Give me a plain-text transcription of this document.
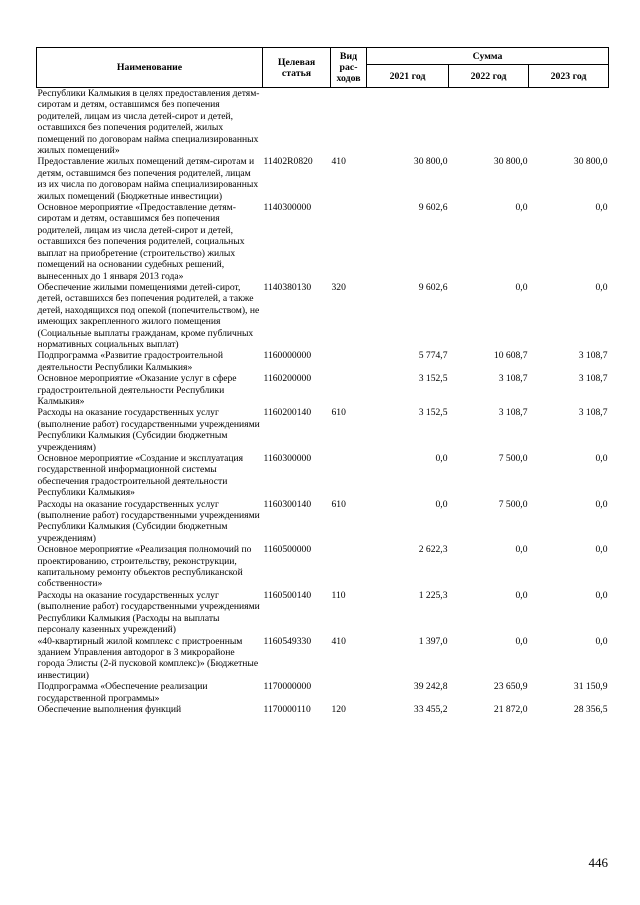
Наименование	Целевая статья	Вид рас-ходов	Сумма		
			2021 год	2022 год	2023 год
Республики Калмыкия в целях предоставления детям-сиротам и детям, оставшимся без попечения родителей, лицам из числа детей-сирот и детей, оставшихся без попечения родителей, жилых помещений по договорам найма специализированных жилых помещений»					
Предоставление жилых помещений детям-сиротам и детям, оставшимся без попечения родителей, лицам из их числа по договорам найма специализированных жилых помещений (Бюджетные инвестиции)	11402R0820	410	30 800,0	30 800,0	30 800,0
Основное мероприятие «Предоставление детям-сиротам и детям, оставшимся без попечения родителей, лицам из числа детей-сирот и детей, оставшихся без попечения родителей, социальных выплат на приобретение (строительство) жилых помещений на основании судебных решений, вынесенных до 1 января 2013 года»	1140300000		9 602,6	0,0	0,0
Обеспечение жилыми помещениями детей-сирот, детей, оставшихся без попечения родителей, а также детей, находящихся под опекой (попечительством), не имеющих закрепленного жилого помещения (Социальные выплаты гражданам, кроме публичных нормативных социальных выплат)	1140380130	320	9 602,6	0,0	0,0
Подпрограмма «Развитие градостроительной деятельности Республики Калмыкия»	1160000000		5 774,7	10 608,7	3 108,7
Основное мероприятие «Оказание услуг в сфере градостроительной деятельности Республики Калмыкия»	1160200000		3 152,5	3 108,7	3 108,7
Расходы на оказание государственных услуг (выполнение работ) государственными учреждениями Республики Калмыкия (Субсидии бюджетным учреждениям)	1160200140	610	3 152,5	3 108,7	3 108,7
Основное мероприятие «Создание и эксплуатация государственной информационной системы обеспечения градостроительной деятельности Республики Калмыкия»	1160300000		0,0	7 500,0	0,0
Расходы на оказание государственных услуг (выполнение работ) государственными учреждениями Республики Калмыкия (Субсидии бюджетным учреждениям)	1160300140	610	0,0	7 500,0	0,0
Основное мероприятие «Реализация полномочий по проектированию, строительству, реконструкции, капитальному ремонту объектов республиканской собственности»	1160500000		2 622,3	0,0	0,0
Расходы на оказание государственных услуг (выполнение работ) государственными учреждениями Республики Калмыкия (Расходы на выплаты персоналу казенных учреждений)	1160500140	110	1 225,3	0,0	0,0
«40-квартирный жилой комплекс с пристроенным зданием Управления автодорог в 3 микрорайоне города Элисты (2-й пусковой комплекс)» (Бюджетные инвестиции)	1160549330	410	1 397,0	0,0	0,0
Подпрограмма «Обеспечение реализации государственной программы»	1170000000		39 242,8	23 650,9	31 150,9
Обеспечение выполнения функций	1170000110	120	33 455,2	21 872,0	28 356,5
446
